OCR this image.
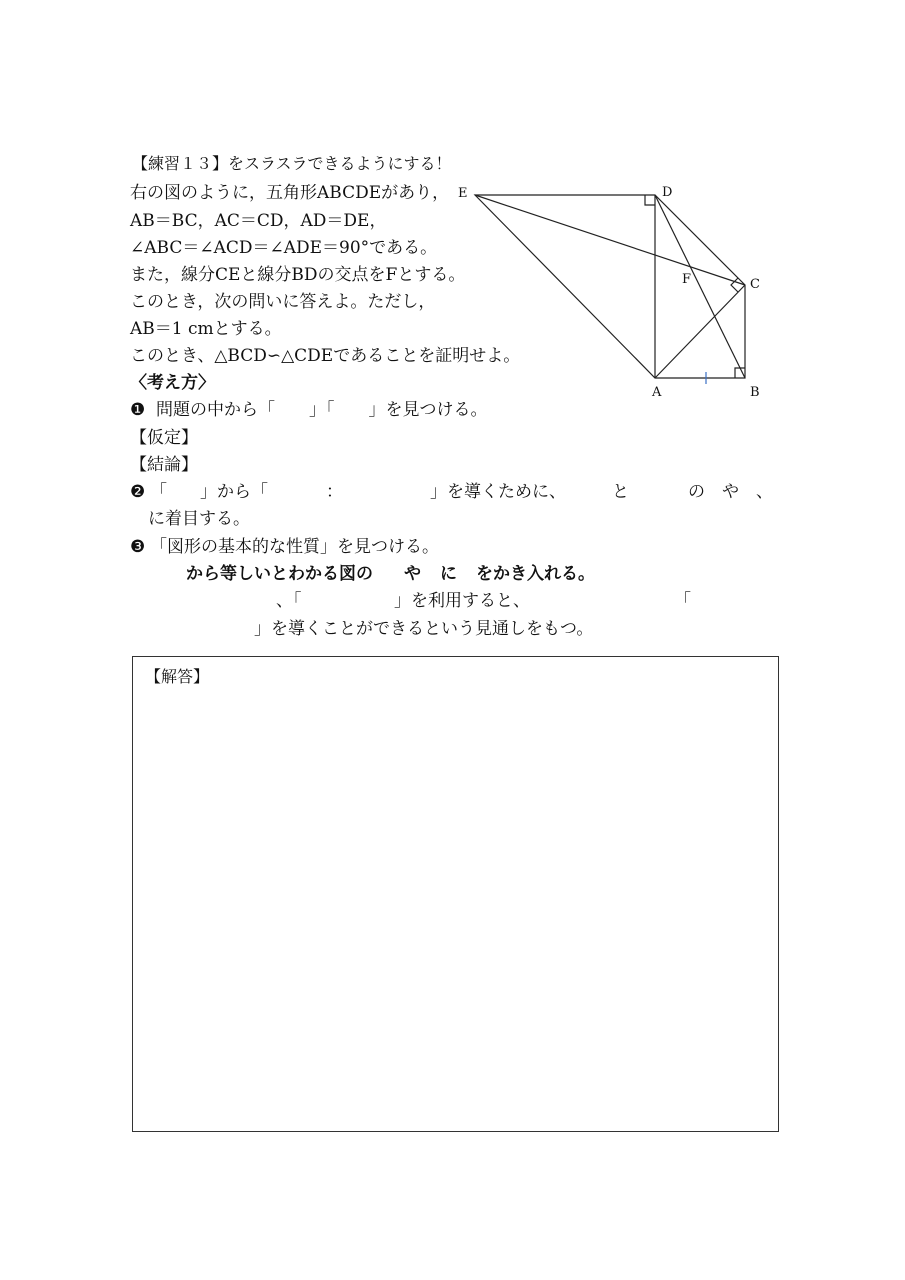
【練習１３】をスラスラできるようにする！
右の図のように，五角形ABCDEがあり，
AB＝BC，AC＝CD，AD＝DE，
∠ABC＝∠ACD＝∠ADE＝90°である。
また，線分CEと線分BDの交点をFとする。
このとき，次の問いに答えよ。ただし，
AB＝1 cmとする。
このとき、△BCD∽△CDEであることを証明せよ。
〈考え方〉
❶ 問題の中から「　　」「　　」を見つける。
【仮定】
【結論】
❷ 「 」から「	：	」を導くために、	と	の や 、
に着目する。
❸ 「図形の基本的な性質」を見つける。
から等しいとわかる図の や に をかき入れる。
、「	」を利用すると、	「
」を導くことができるという見通しをもつ。
E	D
C
F
A	B
【解答】
